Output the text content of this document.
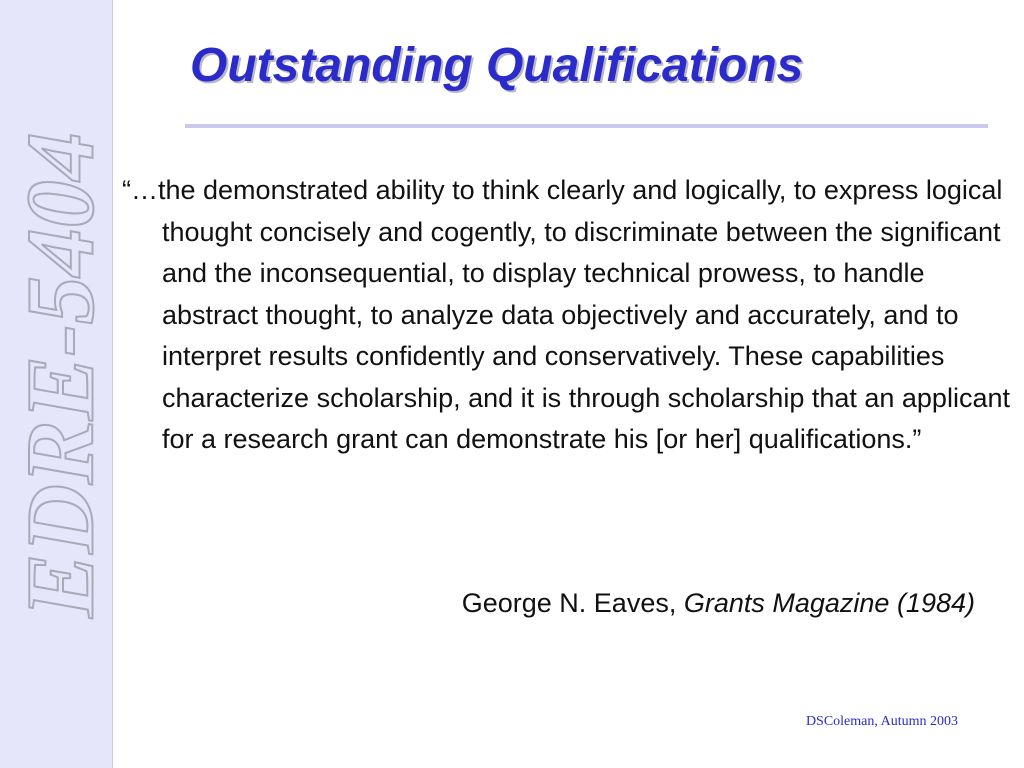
EDRE-5404
Outstanding Qualifications
“…the demonstrated ability to think clearly and logically, to express logical thought concisely and cogently, to discriminate between the significant and the inconsequential, to display technical prowess, to handle abstract thought, to analyze data objectively and accurately, and to interpret results confidently and conservatively. These capabilities characterize scholarship, and it is through scholarship that an applicant for a research grant can demonstrate his [or her] qualifications.”
George N. Eaves, Grants Magazine (1984)
DSColeman, Autumn 2003
